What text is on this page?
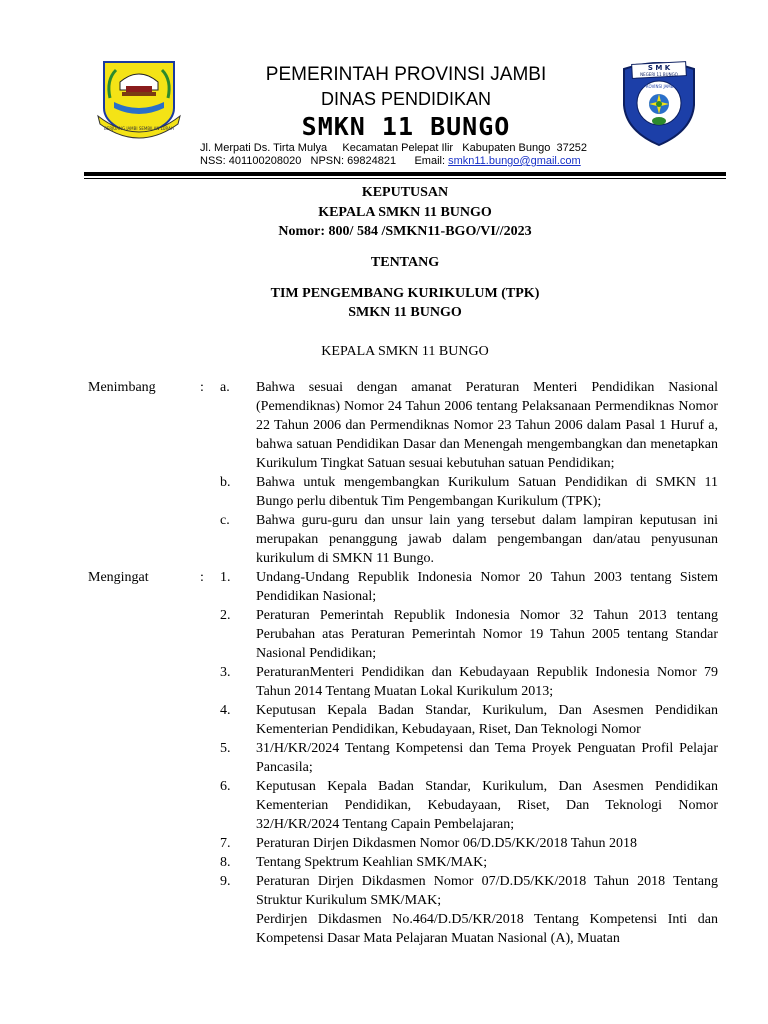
BERJUANG JAMBI SEMBILAN LURAH
PEMERINTAH PROVINSI JAMBI
DINAS PENDIDIKAN
SMKN 11 BUNGO
Jl. Merpati Ds. Tirta Mulya     Kecamatan Pelepat Ilir   Kabupaten Bungo  37252
NSS: 401100208020   NPSN: 69824821 Email: smkn11.bungo@gmail.com
S M K
NEGERI 11 BUNGO
PROVINSI JAMBI
KEPUTUSAN
KEPALA SMKN 11 BUNGO
Nomor: 800/ 584 /SMKN11-BGO/VI//2023
TENTANG
TIM PENGEMBANG KURIKULUM (TPK)
SMKN 11 BUNGO
KEPALA SMKN 11 BUNGO
Menimbang	:	a.	Bahwa sesuai dengan amanat Peraturan Menteri Pendidikan Nasional (Pemendiknas) Nomor 24 Tahun 2006 tentang Pelaksanaan Permendiknas Nomor 22 Tahun 2006 dan Permendiknas Nomor 23 Tahun 2006 dalam Pasal 1 Huruf a, bahwa satuan Pendidikan Dasar dan Menengah mengembangkan dan menetapkan Kurikulum Tingkat Satuan sesuai kebutuhan satuan Pendidikan;
b.	Bahwa untuk mengembangkan Kurikulum Satuan Pendidikan di SMKN 11 Bungo perlu dibentuk Tim Pengembangan Kurikulum (TPK);
c.	Bahwa guru-guru dan unsur lain yang tersebut dalam lampiran keputusan ini merupakan penanggung jawab dalam pengembangan dan/atau penyusunan kurikulum di SMKN 11 Bungo.
Mengingat	:	1.	Undang-Undang Republik Indonesia Nomor 20 Tahun 2003 tentang Sistem Pendidikan Nasional;
2.	Peraturan Pemerintah Republik Indonesia Nomor 32 Tahun 2013 tentang Perubahan atas Peraturan Pemerintah Nomor 19 Tahun 2005 tentang Standar Nasional Pendidikan;
3.	PeraturanMenteri Pendidikan dan Kebudayaan Republik Indonesia Nomor 79 Tahun 2014 Tentang Muatan Lokal Kurikulum 2013;
4.	Keputusan Kepala Badan Standar, Kurikulum, Dan Asesmen Pendidikan Kementerian Pendidikan, Kebudayaan, Riset, Dan Teknologi Nomor
5.	31/H/KR/2024 Tentang Kompetensi dan Tema Proyek Penguatan Profil Pelajar Pancasila;
6.	Keputusan Kepala Badan Standar, Kurikulum, Dan Asesmen Pendidikan Kementerian Pendidikan, Kebudayaan, Riset, Dan Teknologi Nomor 32/H/KR/2024 Tentang Capain Pembelajaran;
7.	Peraturan Dirjen Dikdasmen Nomor 06/D.D5/KK/2018 Tahun 2018
8.	Tentang Spektrum Keahlian SMK/MAK;
9.	Peraturan Dirjen Dikdasmen Nomor 07/D.D5/KK/2018 Tahun 2018 Tentang Struktur Kurikulum SMK/MAK;
Perdirjen Dikdasmen No.464/D.D5/KR/2018 Tentang Kompetensi Inti dan Kompetensi Dasar Mata Pelajaran Muatan Nasional (A), Muatan
